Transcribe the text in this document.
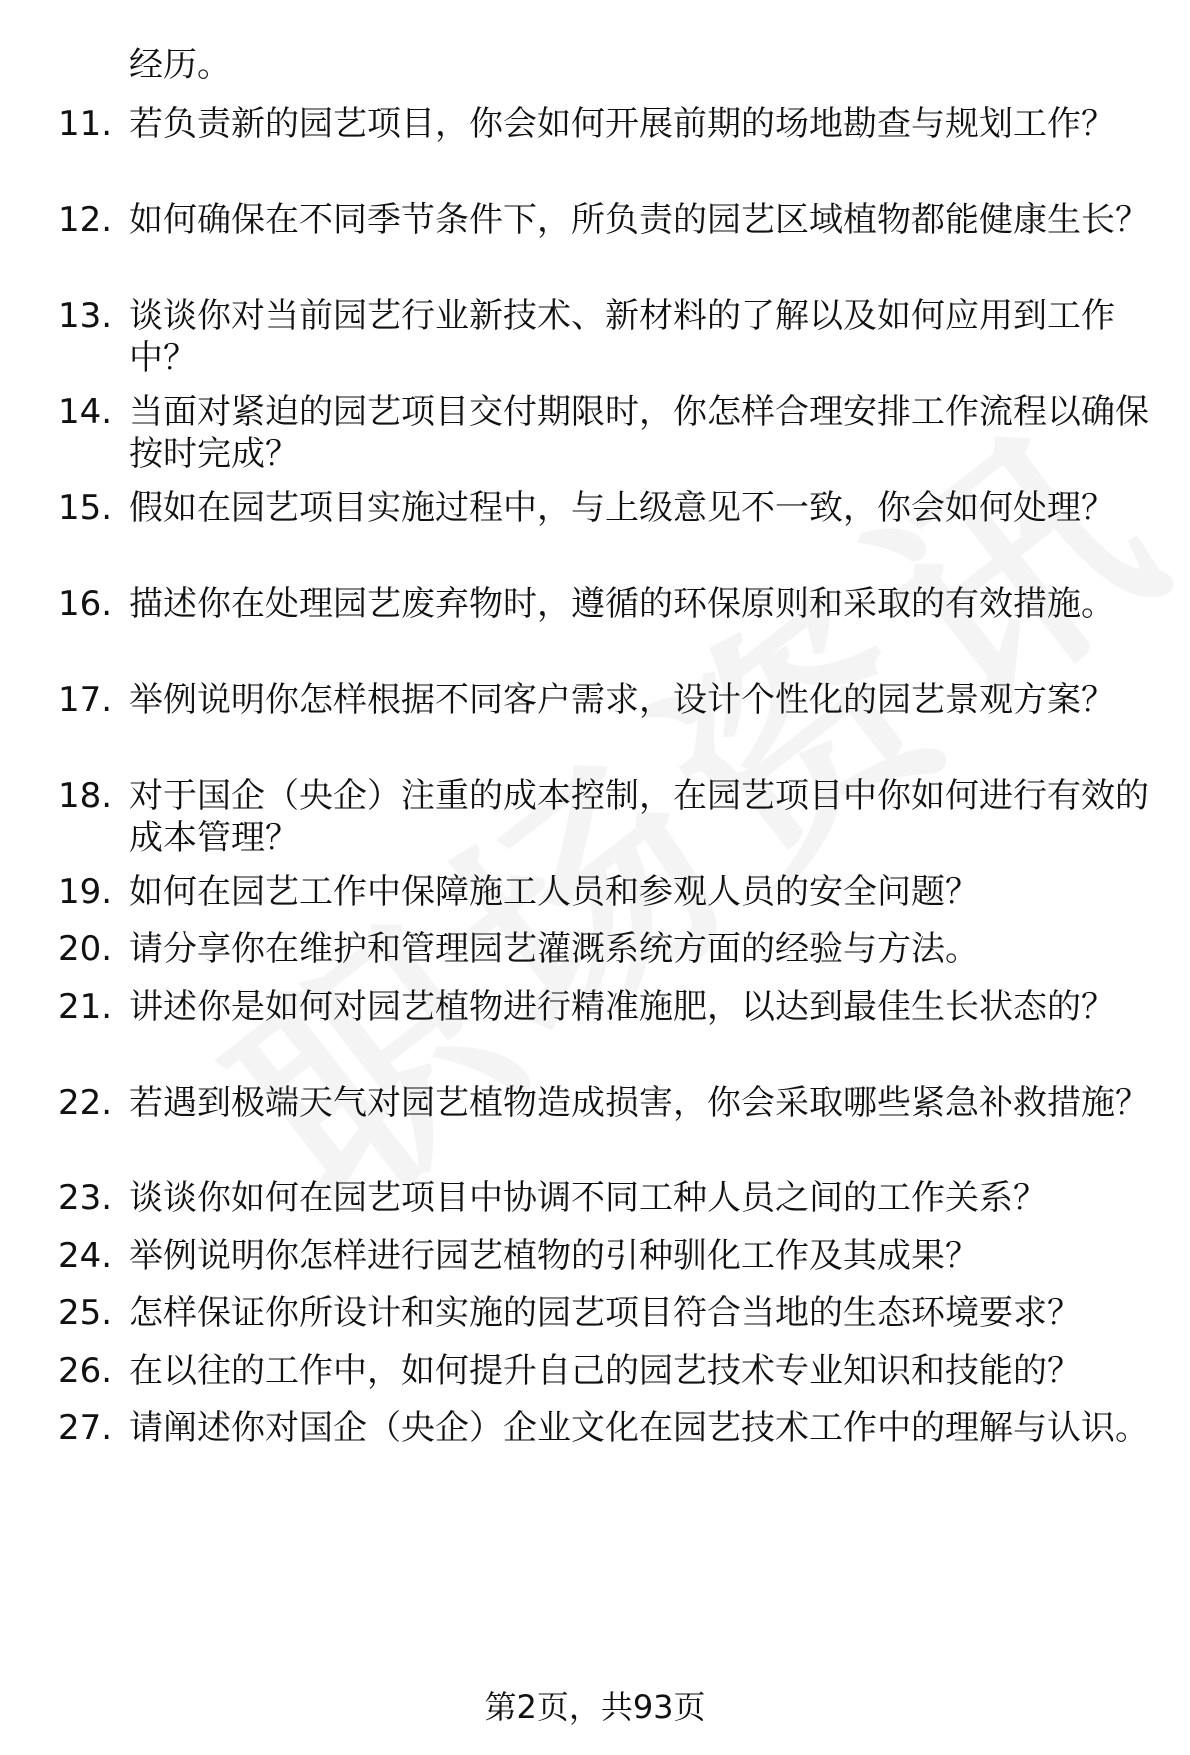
经历。
11. 若负责新的园艺项目，你会如何开展前期的场地勘查与规划工作？
12. 如何确保在不同季节条件下，所负责的园艺区域植物都能健康生长？
13. 谈谈你对当前园艺行业新技术、新材料的了解以及如何应用到工作中？
14. 当面对紧迫的园艺项目交付期限时，你怎样合理安排工作流程以确保按时完成？
15. 假如在园艺项目实施过程中，与上级意见不一致，你会如何处理？
16. 描述你在处理园艺废弃物时，遵循的环保原则和采取的有效措施。
17. 举例说明你怎样根据不同客户需求，设计个性化的园艺景观方案？
18. 对于国企（央企）注重的成本控制，在园艺项目中你如何进行有效的成本管理？
19. 如何在园艺工作中保障施工人员和参观人员的安全问题？
20. 请分享你在维护和管理园艺灌溉系统方面的经验与方法。
21. 讲述你是如何对园艺植物进行精准施肥，以达到最佳生长状态的？
22. 若遇到极端天气对园艺植物造成损害，你会采取哪些紧急补救措施？
23. 谈谈你如何在园艺项目中协调不同工种人员之间的工作关系？
24. 举例说明你怎样进行园艺植物的引种驯化工作及其成果？
25. 怎样保证你所设计和实施的园艺项目符合当地的生态环境要求？
26. 在以往的工作中，如何提升自己的园艺技术专业知识和技能的？
27. 请阐述你对国企（央企）企业文化在园艺技术工作中的理解与认识。
第2页，共93页
